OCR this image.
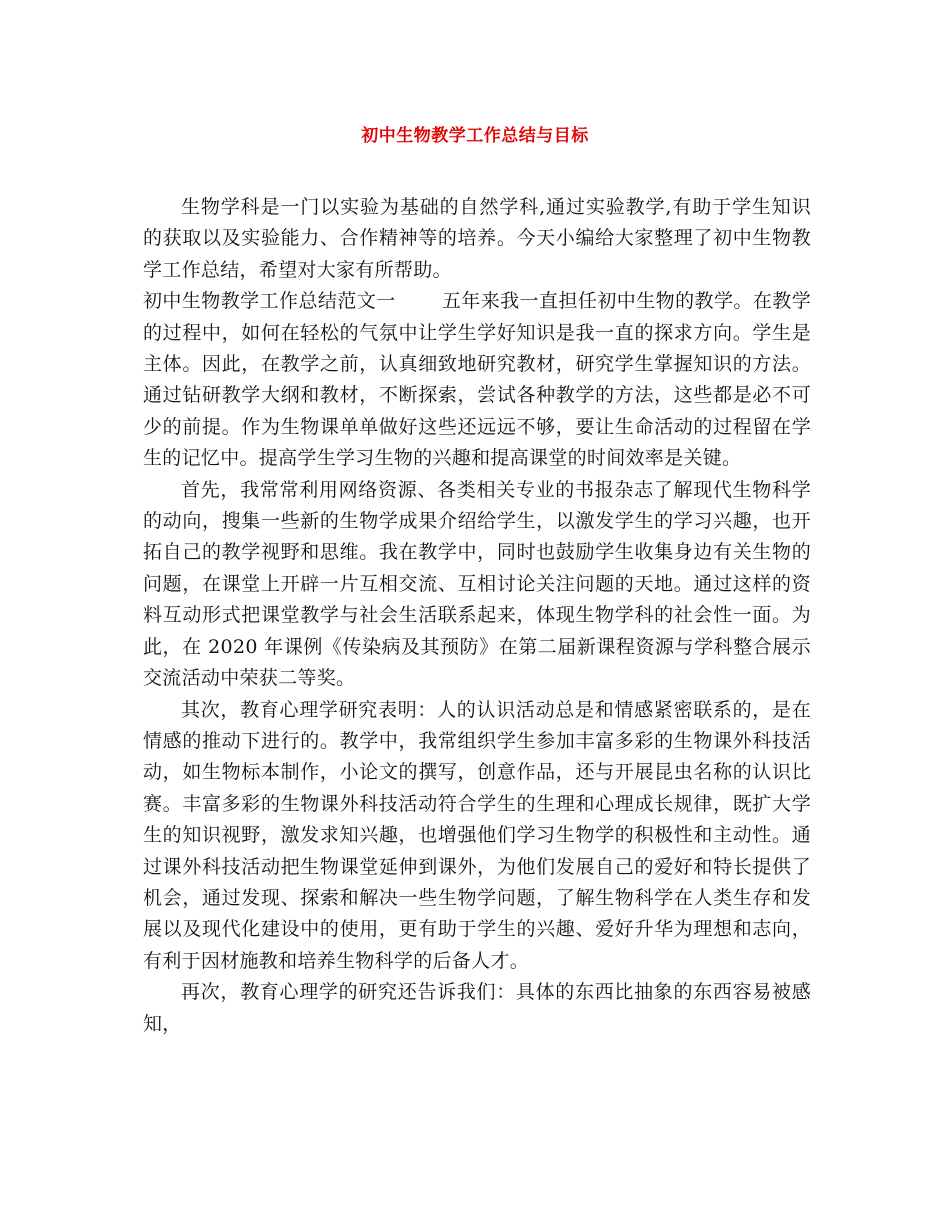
初中生物教学工作总结与目标

生物学科是一门以实验为基础的自然学科,通过实验教学,有助于学生知识的获取以及实验能力、合作精神等的培养。今天小编给大家整理了初中生物教学工作总结，希望对大家有所帮助。

初中生物教学工作总结范文一 五年来我一直担任初中生物的教学。在教学的过程中，如何在轻松的气氛中让学生学好知识是我一直的探求方向。学生是主体。因此，在教学之前，认真细致地研究教材，研究学生掌握知识的方法。通过钻研教学大纲和教材，不断探索，尝试各种教学的方法，这些都是必不可少的前提。作为生物课单单做好这些还远远不够，要让生命活动的过程留在学生的记忆中。提高学生学习生物的兴趣和提高课堂的时间效率是关键。

首先，我常常利用网络资源、各类相关专业的书报杂志了解现代生物科学的动向，搜集一些新的生物学成果介绍给学生，以激发学生的学习兴趣，也开拓自己的教学视野和思维。我在教学中，同时也鼓励学生收集身边有关生物的问题，在课堂上开辟一片互相交流、互相讨论关注问题的天地。通过这样的资料互动形式把课堂教学与社会生活联系起来，体现生物学科的社会性一面。为此，在 2020 年课例《传染病及其预防》在第二届新课程资源与学科整合展示交流活动中荣获二等奖。

其次，教育心理学研究表明：人的认识活动总是和情感紧密联系的，是在情感的推动下进行的。教学中，我常组织学生参加丰富多彩的生物课外科技活动，如生物标本制作，小论文的撰写，创意作品，还与开展昆虫名称的认识比赛。丰富多彩的生物课外科技活动符合学生的生理和心理成长规律，既扩大学生的知识视野，激发求知兴趣，也增强他们学习生物学的积极性和主动性。通过课外科技活动把生物课堂延伸到课外，为他们发展自己的爱好和特长提供了机会，通过发现、探索和解决一些生物学问题，了解生物科学在人类生存和发展以及现代化建设中的使用，更有助于学生的兴趣、爱好升华为理想和志向，有利于因材施教和培养生物科学的后备人才。

再次，教育心理学的研究还告诉我们：具体的东西比抽象的东西容易被感知，
